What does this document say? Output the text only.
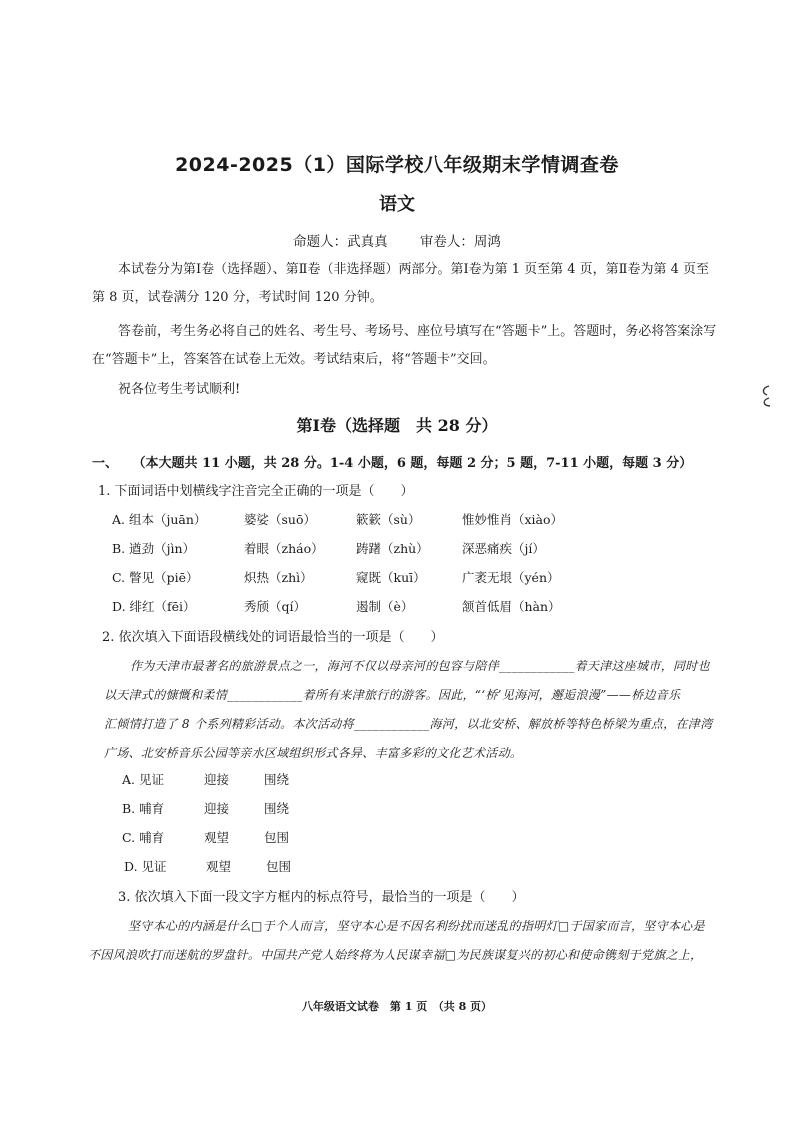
2024-2025（1）国际学校八年级期末学情调查卷
语文
命题人：武真真 审卷人：周鸿
本试卷分为第Ⅰ卷（选择题）、第Ⅱ卷（非选择题）两部分。第Ⅰ卷为第 1 页至第 4 页，第Ⅱ卷为第 4 页至
第 8 页，试卷满分 120 分，考试时间 120 分钟。
答卷前，考生务必将自己的姓名、考生号、考场号、座位号填写在“答题卡”上。答题时，务必将答案涂写
在“答题卡”上，答案答在试卷上无效。考试结束后，将“答题卡”交回。
祝各位考生考试顺利!
第Ⅰ卷（选择题　共 28 分）
一、 （本大题共 11 小题，共 28 分。1-4 小题，6 题，每题 2 分；5 题，7-11 小题，每题 3 分）
1. 下面词语中划横线字注音完全正确的一项是（　　）
A. 组本（juān）	婆娑（suō）	簌簌（sù）	惟妙惟肖（xiào）
B. 遒劲（jìn）	着眼（zháo）	踌躇（zhù）	深恶痛疾（jí）
C. 瞥见（piē）	炽热（zhì）	窥既（kuī）	广袤无垠（yén）
D. 绯红（fēi）	秀颀（qí）	遏制（è）	颔首低眉（hàn）
2. 依次填入下面语段横线处的词语最恰当的一项是（　　）
作为天津市最著名的旅游景点之一，海河不仅以母亲河的包容与陪伴____________着天津这座城市，同时也
以天津式的慷慨和柔情____________着所有来津旅行的游客。因此，“‘桥’见海河，邂逅浪漫”——桥边音乐
汇倾情打造了 8 个系列精彩活动。本次活动将____________海河，以北安桥、解放桥等特色桥梁为重点，在津湾
广场、北安桥音乐公园等亲水区域组织形式各异、丰富多彩的文化艺术活动。
A. 见证	迎接	围绕
B. 哺育	迎接	围绕
C. 哺育	观望	包围
D. 见证	观望	包围
3. 依次填入下面一段文字方框内的标点符号，最恰当的一项是（　　）
坚守本心的内涵是什么□于个人而言，坚守本心是不因名利纷扰而迷乱的指明灯□于国家而言，坚守本心是
不因风浪吹打而迷航的罗盘针。中国共产党人始终将为人民谋幸福□为民族谋复兴的初心和使命镌刻于党旗之上，
八年级语文试卷　第 1 页　（共 8 页）
